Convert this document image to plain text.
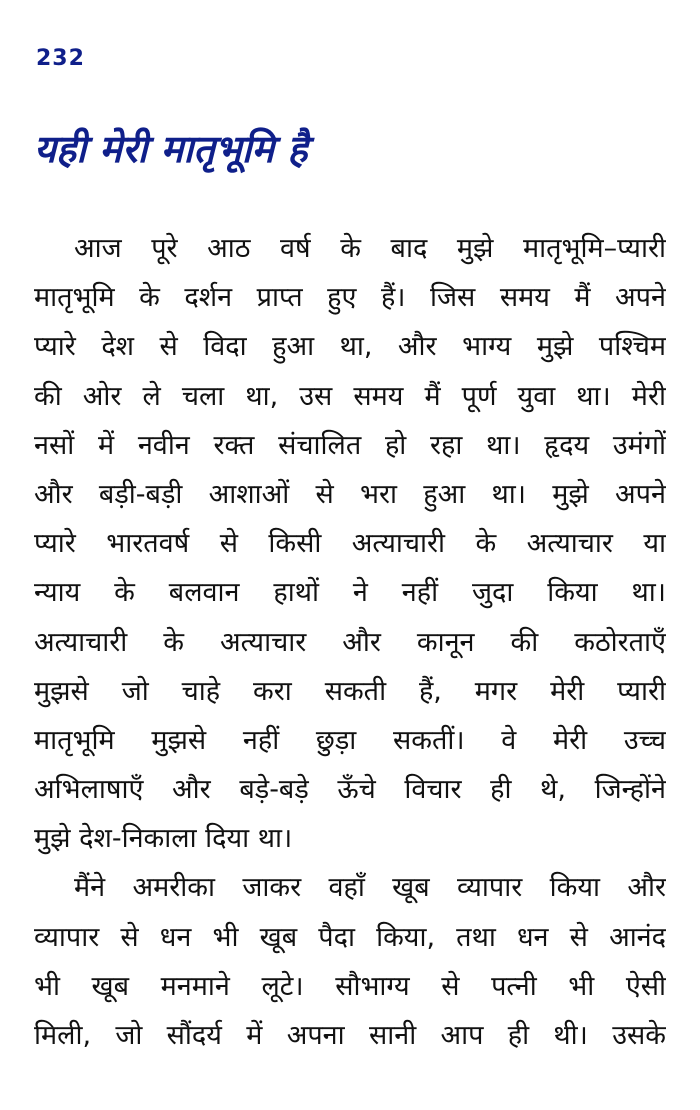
232
यही मेरी मातृभूमि है
आज पूरे आठ वर्ष के बाद मुझे मातृभूमि–प्यारी
मातृभूमि के दर्शन प्राप्त हुए हैं। जिस समय मैं अपने
प्यारे देश से विदा हुआ था, और भाग्य मुझे पश्चिम
की ओर ले चला था, उस समय मैं पूर्ण युवा था। मेरी
नसों में नवीन रक्त संचालित हो रहा था। हृदय उमंगों
और बड़ी-बड़ी आशाओं से भरा हुआ था। मुझे अपने
प्यारे भारतवर्ष से किसी अत्याचारी के अत्याचार या
न्याय के बलवान हाथों ने नहीं जुदा किया था।
अत्याचारी के अत्याचार और कानून की कठोरताएँ
मुझसे जो चाहे करा सकती हैं, मगर मेरी प्यारी
मातृभूमि मुझसे नहीं छुड़ा सकतीं। वे मेरी उच्च
अभिलाषाएँ और बड़े-बड़े ऊँचे विचार ही थे, जिन्होंने
मुझे देश-निकाला दिया था।
मैंने अमरीका जाकर वहाँ खूब व्यापार किया और
व्यापार से धन भी खूब पैदा किया, तथा धन से आनंद
भी खूब मनमाने लूटे। सौभाग्य से पत्नी भी ऐसी
मिली, जो सौंदर्य में अपना सानी आप ही थी। उसके
